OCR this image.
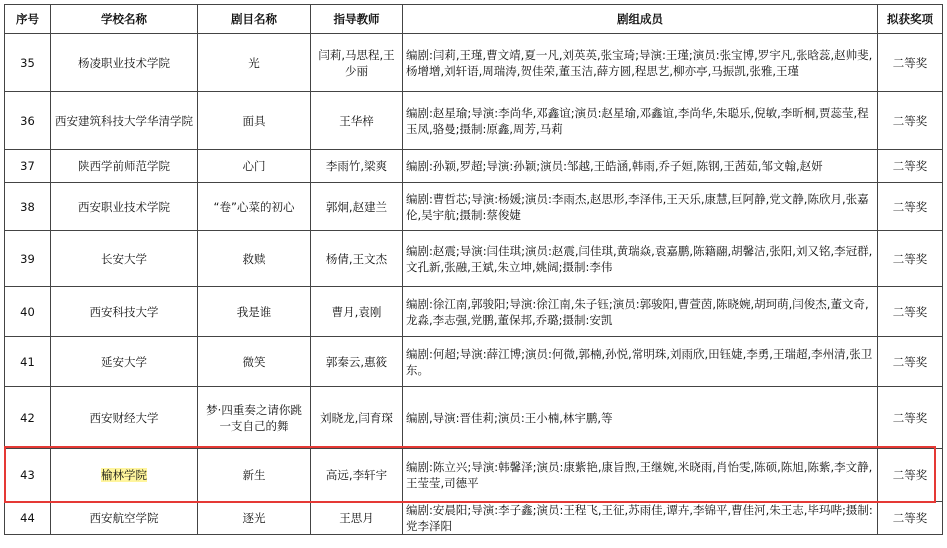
序号	学校名称	剧目名称	指导教师	剧组成员	拟获奖项
35	杨凌职业技术学院	光	闫莉,马思程,王少丽	编剧:闫莉,王瑾,曹文靖,夏一凡,刘英英,张宝琦;导演:王瑾;演员:张宝博,罗宇凡,张晗蕊,赵帅斐,杨增增,刘轩语,周瑞涛,贺佳荣,董玉洁,薛方圆,程思艺,柳亦亭,马振凯,张雅,王瑾	二等奖
36	西安建筑科技大学华清学院	面具	王华梓	编剧:赵星瑜;导演:李尚华,邓鑫谊;演员:赵星瑜,邓鑫谊,李尚华,朱聪乐,倪敏,李昕桐,贾蕊莹,程玉凤,骆曼;摄制:原鑫,周芳,马莉	二等奖
37	陕西学前师范学院	心门	李雨竹,梁爽	编剧:孙颖,罗超;导演:孙颖;演员:邹越,王皓涵,韩雨,乔子姮,陈钢,王茜茹,邹文翰,赵妍	二等奖
38	西安职业技术学院	“卷”心菜的初心	郭炯,赵建兰	编剧:曹哲芯;导演:杨媛;演员:李雨杰,赵思形,李泽伟,王天乐,康慧,巨阿静,党文静,陈欣月,张嘉伦,吴宇航;摄制:蔡俊婕	二等奖
39	长安大学	救赎	杨倩,王文杰	编剧:赵震;导演:闫佳琪;演员:赵震,闫佳琪,黄瑞焱,袁嘉鹏,陈籍翮,胡馨洁,张阳,刘又铭,李冠群,文孔新,张融,王斌,朱立坤,姚阔;摄制:李伟	二等奖
40	西安科技大学	我是谁	曹月,袁刚	编剧:徐江南,郭骏阳;导演:徐江南,朱子钰;演员:郭骏阳,曹萱茵,陈晓婉,胡珂萌,闫俊杰,董文奇,龙淼,李志强,党鹏,董保邦,乔璐;摄制:安凯	二等奖
41	延安大学	微笑	郭秦云,惠筱	编剧:何超;导演:薛江博;演员:何微,郭楠,孙悦,常明珠,刘雨欣,田钰婕,李勇,王瑞超,李州清,张卫东。	二等奖
42	西安财经大学	梦·四重奏之请你跳一支自己的舞	刘晓龙,闫育琛	编剧,导演:晋佳莉;演员:王小楠,林宇鹏,等	二等奖
43	榆林学院	新生	高远,李轩宇	编剧:陈立兴;导演:韩馨泽;演员:康紫艳,康旨煦,王继婉,米晓雨,肖怡雯,陈硕,陈旭,陈紫,李文静,王莹莹,司德平	二等奖
44	西安航空学院	逐光	王思月	编剧:安晨阳;导演:李子鑫;演员:王程飞,王征,苏雨佳,谭卉,李锦平,曹佳河,朱王志,毕玛哔;摄制:党李泽阳	二等奖
